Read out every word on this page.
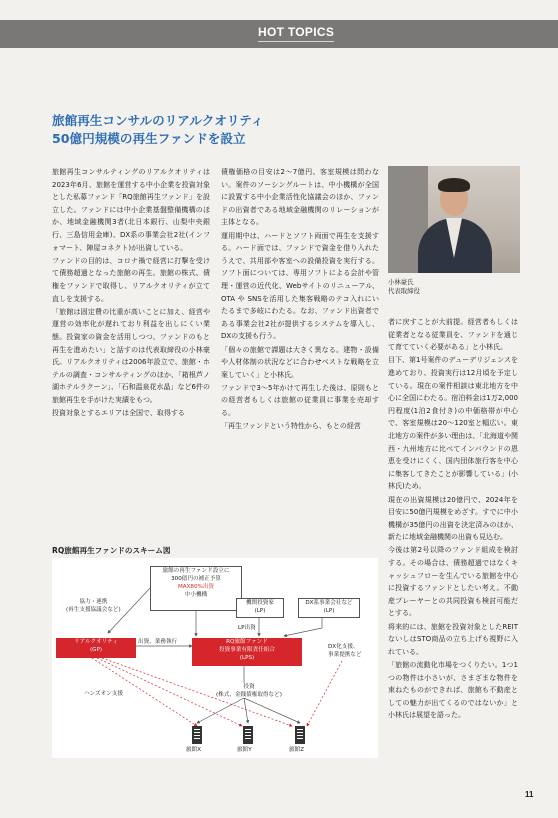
HOT TOPICS
旅館再生コンサルのリアルクオリティ
50億円規模の再生ファンドを設立

旅館再生コンサルティングのリアルクオリティは2023年6月、旅館を運営する中小企業を投資対象とした私募ファンド「RQ旅館再生ファンド」を設立した。ファンドには中小企業基盤整備機構のほか、地域金融機関3者(北日本銀行、山梨中央銀行、三島信用金庫)、DX系の事業会社2社(インフォマート、陣屋コネクト)が出資している。

ファンドの目的は、コロナ禍で経営に打撃を受けて債務超過となった旅館の再生。旅館の株式、債権をファンドで取得し、リアルクオリティが立て直しを支援する。

「旅館は固定費の比重が高いことに加え、経営や運営の効率化が遅れており利益を出しにくい業態。投資家の資金を活用しつつ、ファンドのもと再生を進めたい」と話すのは代表取締役の小林豪氏。リアルクオリティは2006年設立で、旅館・ホテルの調査・コンサルティングのほか、「箱根芦ノ湖ホテルラクーン」、「石和温泉花水晶」など6件の旅館再生を手がけた実績をもつ。

投資対象とするエリアは全国で、取得する

債権価格の目安は2〜7億円、客室規模は問わない。案件のソーシングルートは、中小機構が全国に設置する中小企業活性化協議会のほか、ファンドの出資者である地域金融機関のリレーションが主体となる。

運用期中は、ハードとソフト両面で再生を支援する。ハード面では、ファンドで資金を借り入れたうえで、共用部や客室への設備投資を実行する。ソフト面については、専用ソフトによる会計や管理・運営の近代化、Webサイトのリニューアル、OTA や SNSを活用した集客戦略のテコ入れにいたるまで多岐にわたる。なお、ファンド出資者である事業会社2社が提供するシステムを導入し、DXの支援も行う。

「個々の旅館で課題は大きく異なる。建物・設備や人材体制の状況などに合わせベストな戦略を立案していく」と小林氏。

ファンドで3〜5年かけて再生した後は、原則もとの経営者もしくは旅館の従業員に事業を売却する。

「再生ファンドという特性から、もとの経営

小林豪氏
代表取締役

者に戻すことが大前提。経営者もしくは従業者となる従業員を、ファンドを通じて育てていく必要がある」と小林氏。

目下、第1号案件のデューデリジェンスを進めており、投資実行は12月頃を予定している。現在の案件相談は東北地方を中心に全国にわたる。宿泊料金は1万2,000円程度(1泊2食付き)の中価格帯が中心で、客室規模は20〜120室と幅広い。東北地方の案件が多い理由は、「北海道や関西・九州地方に比べてインバウンドの恩恵を受けにくく、国内団体旅行客を中心に集客してきたことが影響している」(小林氏)ため。

現在の出資規模は20億円で、2024年を目安に50億円規模をめざす。すでに中小機構が35億円の出資を決定済みのほか、新たに地域金融機関の出資も見込む。

今後は第2号以降のファンド組成を検討する。その場合は、債務超過ではなくキャッシュフローを生んでいる旅館を中心に投資するファンドとしたい考え。不動産プレーヤーとの共同投資も検討可能だとする。

将来的には、旅館を投資対象としたREITないしはSTO商品の立ち上げも視野に入れている。

「旅館の流動化市場をつくりたい。1つ1つの物件は小さいが、さまざまな物件を束ねたものができれば、旅館も不動産としての魅力が出てくるのではないか」と小林氏は展望を語った。

RQ旅館再生ファンドのスキーム図
旅館の再生ファンド設立に
300億円の補正予算
MAX80%出資
中小機構
機関投資家
(LP)
DX系事業会社など
(LP)
協力・連携
(再生支援協議会など)
LP出資
リアルクオリティ
(GP)
出資、業務執行	RQ旅館ファンド
投資事業有限責任組合
(LPS)
DX化支援、
事業提携など
ハンズオン支援
投資
(株式、金銭債権取得など)
旅館X	旅館Y	旅館Z
11
